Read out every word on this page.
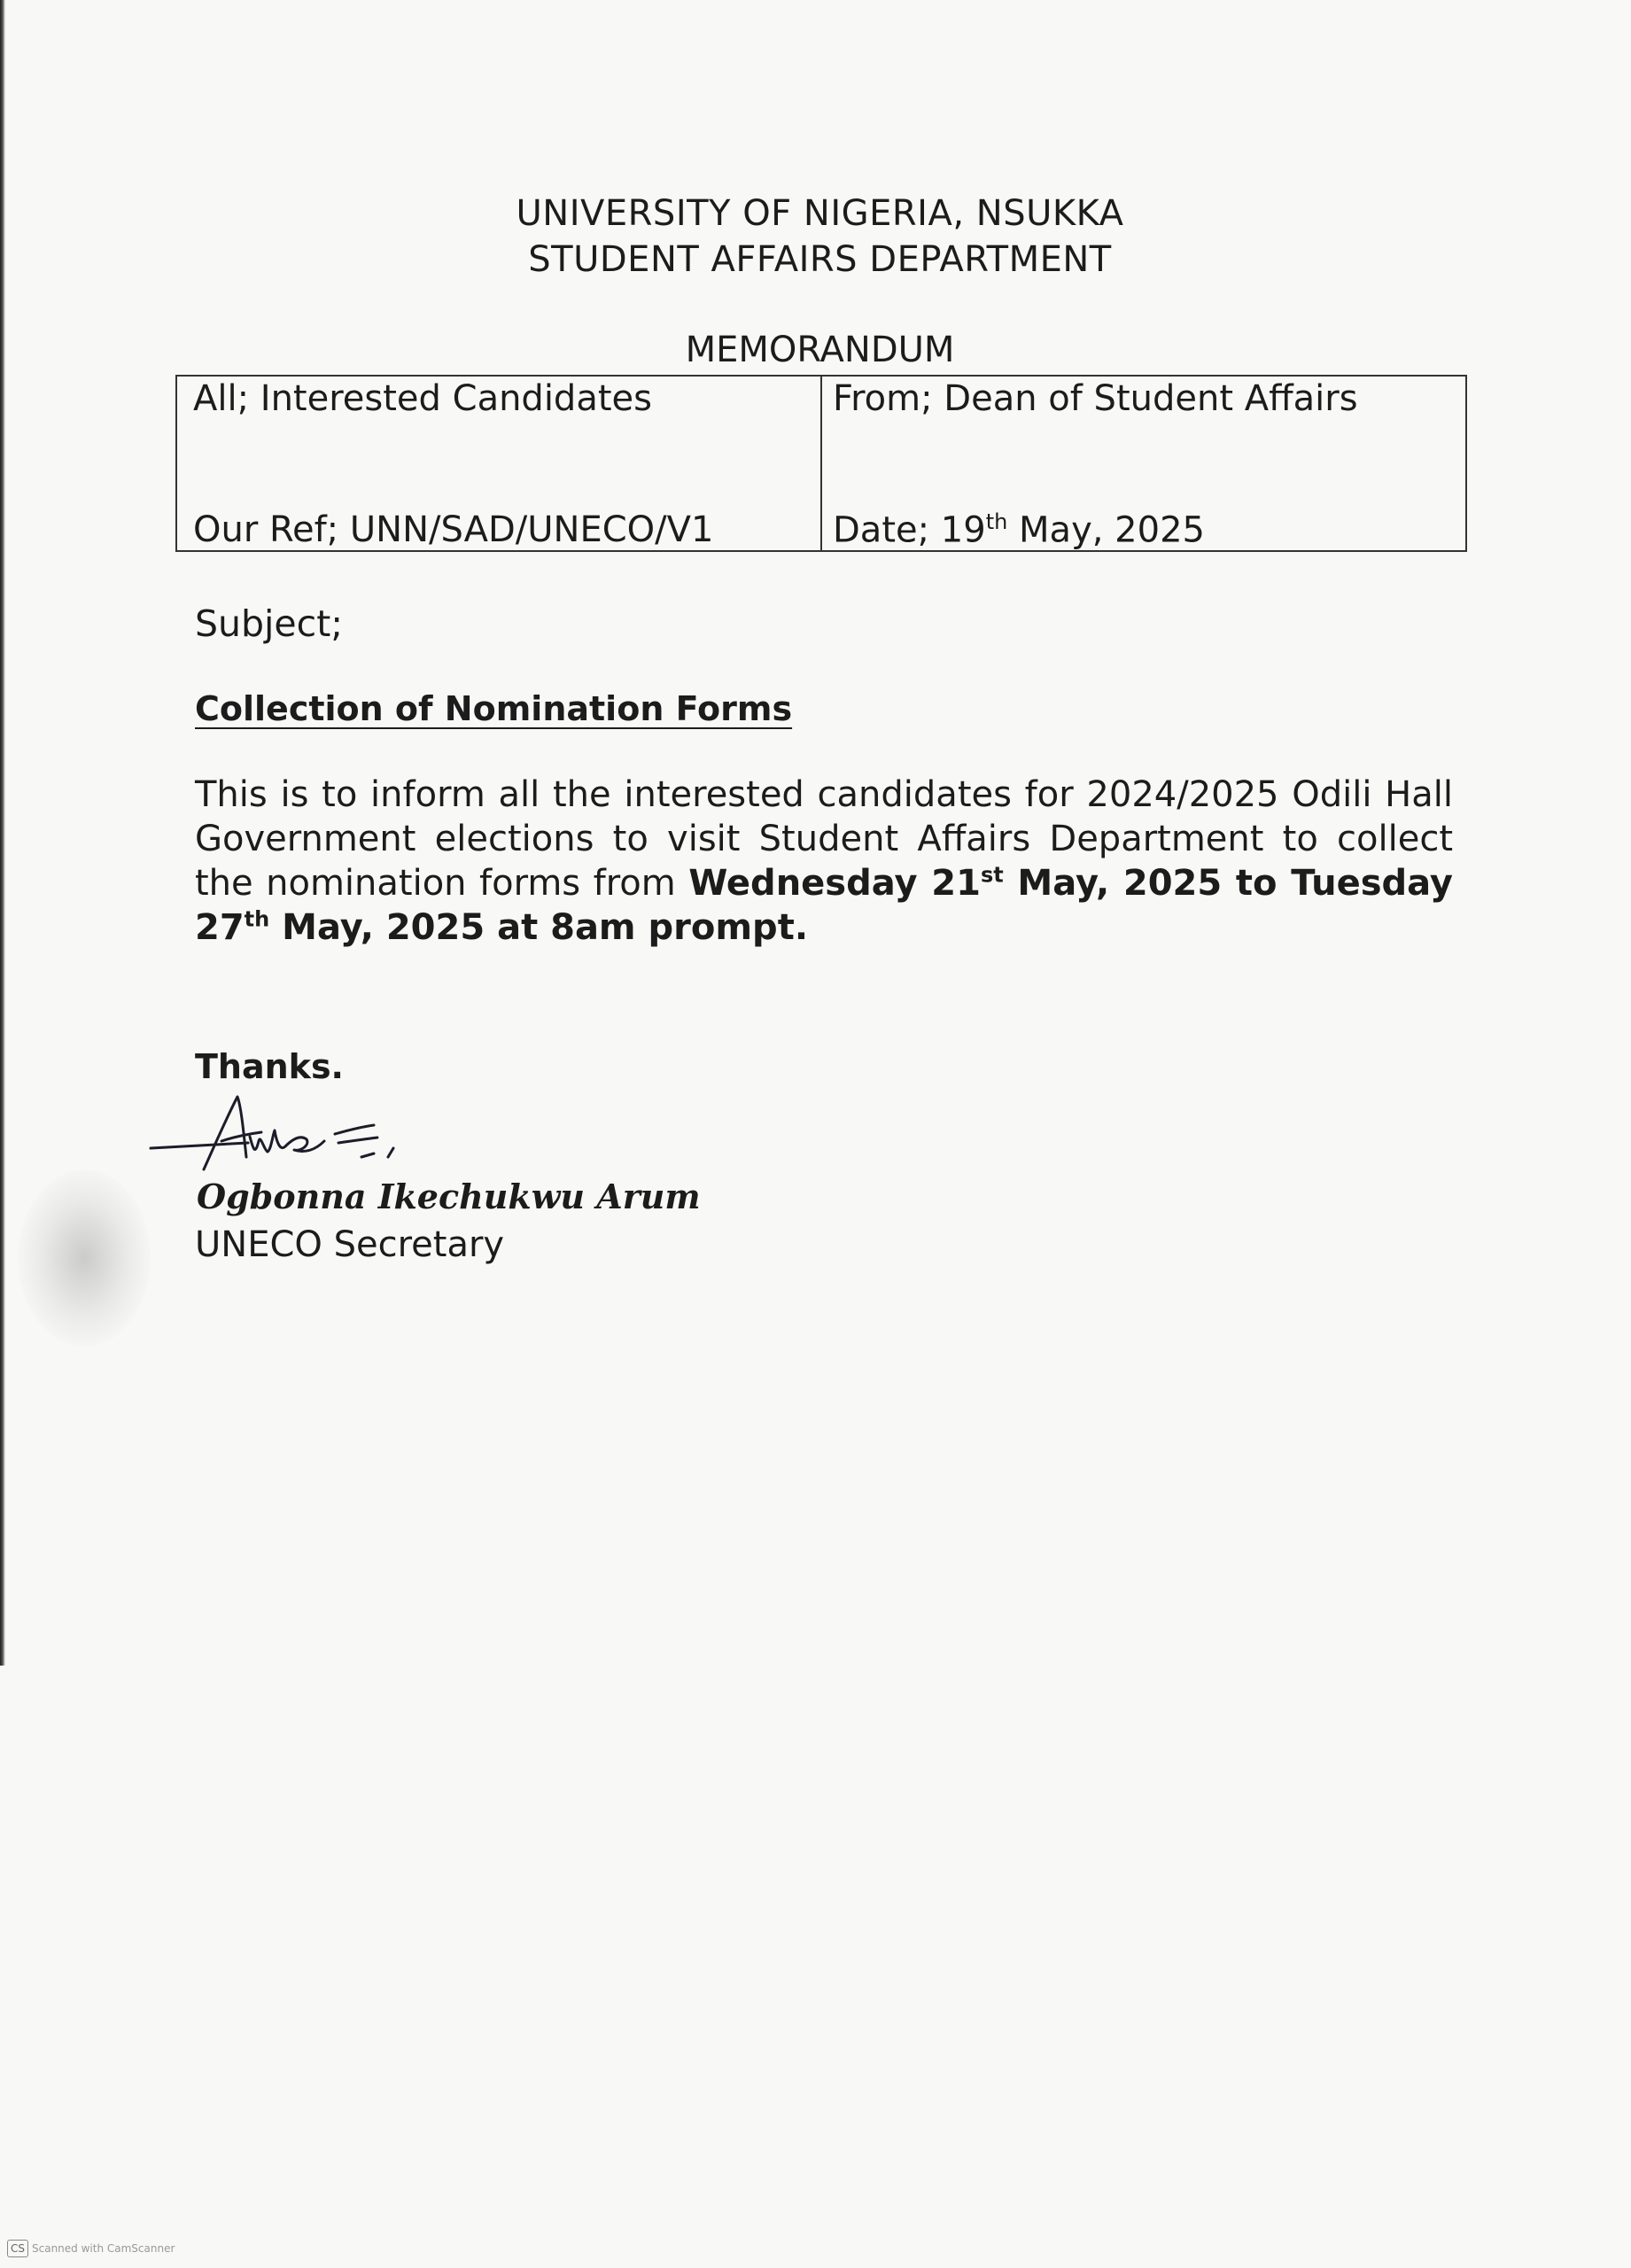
UNIVERSITY OF NIGERIA, NSUKKA
STUDENT AFFAIRS DEPARTMENT
MEMORANDUM
All; Interested Candidates	From; Dean of Student Affairs
Our Ref; UNN/SAD/UNECO/V1	Date; 19th May, 2025
Subject;
Collection of Nomination Forms
This is to inform all the interested candidates for 2024/2025 Odili Hall Government elections to visit Student Affairs Department to collect the nomination forms from Wednesday 21st May, 2025 to Tuesday 27th May, 2025 at 8am prompt.
Thanks.
Ogbonna Ikechukwu Arum
UNECO Secretary
CS Scanned with CamScanner
